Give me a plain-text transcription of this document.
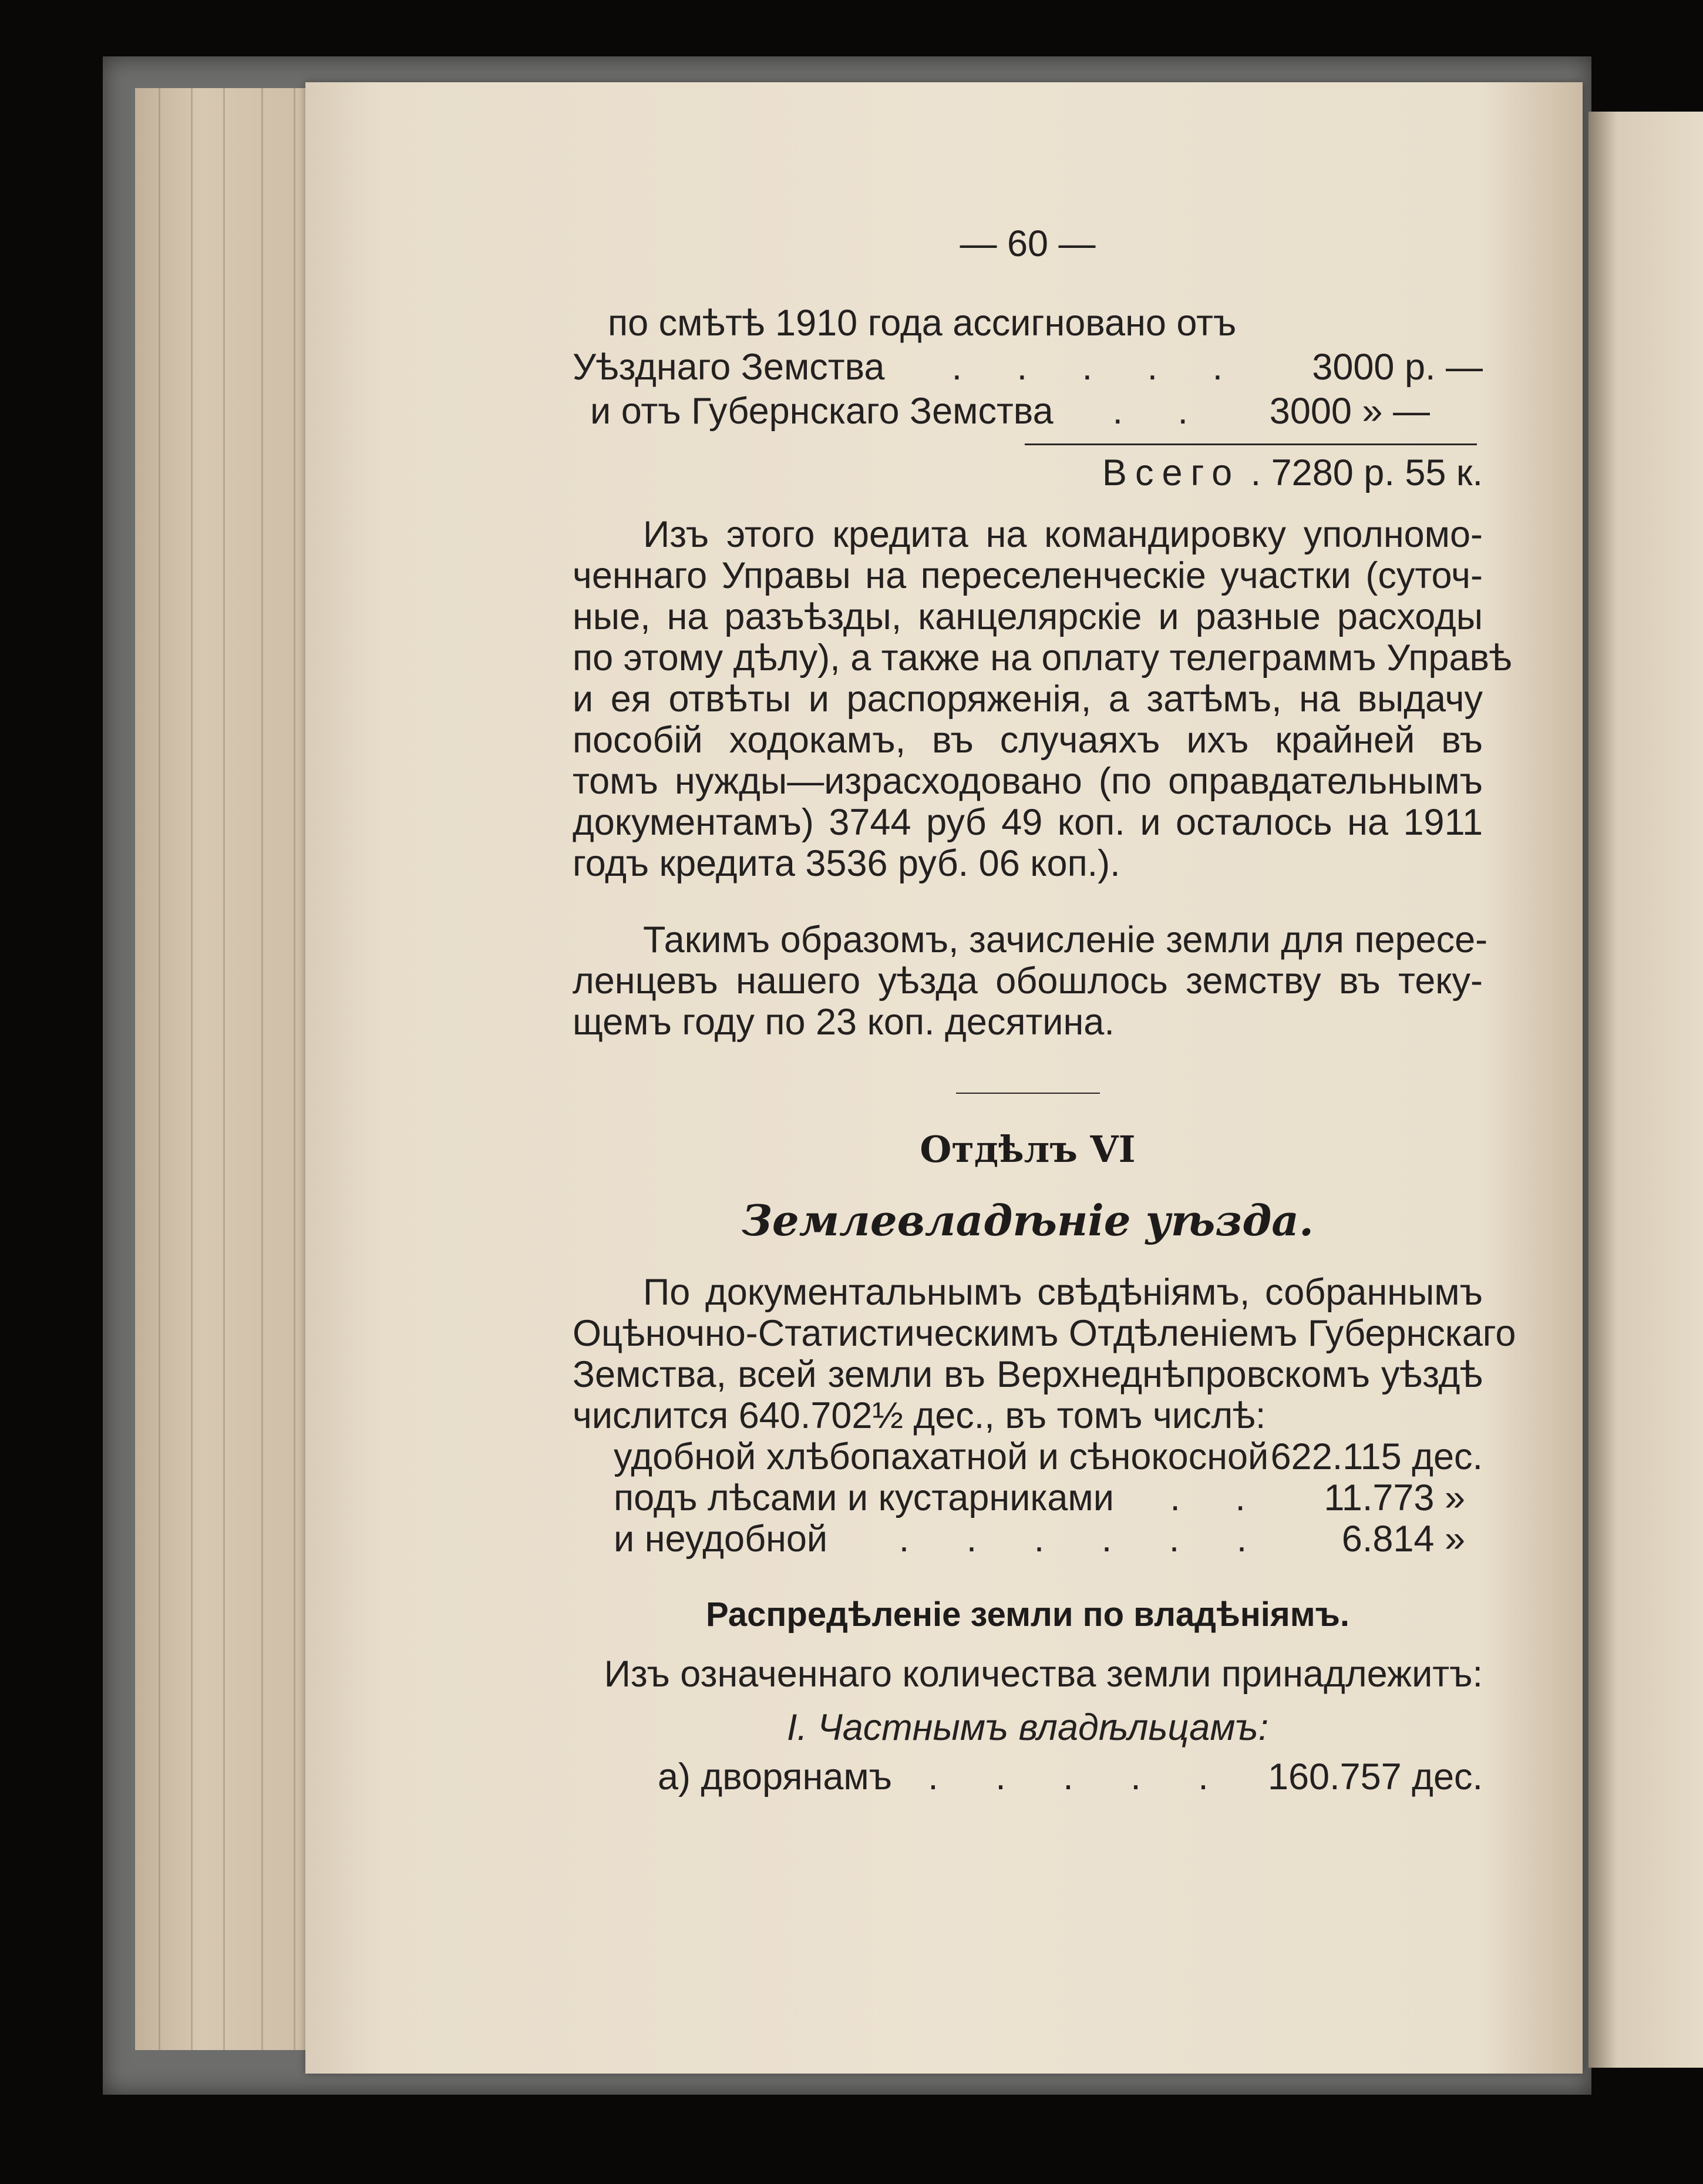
— 60 —
по смѣтѣ 1910 года ассигновано отъ
Уѣзднаго Земства . . . . . 3000 р. —
и отъ Губернскаго Земства . . 3000 » —
Всего . 7280 р. 55 к.
Изъ этого кредита на командировку уполномо-
ченнаго Управы на переселенческіе участки (суточ-
ные, на разъѣзды, канцелярскіе и разные расходы
по этому дѣлу), а также на оплату телеграммъ Управѣ
и ея отвѣты и распоряженія, а затѣмъ, на выдачу
пособій ходокамъ, въ случаяхъ ихъ крайней въ
томъ нужды—израсходовано (по оправдательнымъ
документамъ) 3744 руб 49 коп. и осталось на 1911
годъ кредита 3536 руб. 06 коп.).
Такимъ образомъ, зачисленіе земли для пересе-
ленцевъ нашего уѣзда обошлось земству въ теку-
щемъ году по 23 коп. десятина.
Отдѣлъ VI
Землевладѣніе уѣзда.
По документальнымъ свѣдѣніямъ, собраннымъ
Оцѣночно-Статистическимъ Отдѣленіемъ Губернскаго
Земства, всей земли въ Верхнеднѣпровскомъ уѣздѣ
числится 640.702½ дес., въ томъ числѣ:
удобной хлѣбопахатной и сѣнокосной 622.115 дес.
подъ лѣсами и кустарниками . . 11.773 »
и неудобной . . . . . . 6.814 »
Распредѣленіе земли по владѣніямъ.
Изъ означеннаго количества земли принадлежитъ:
I. Частнымъ владѣльцамъ:
а) дворянамъ . . . . . 160.757 дес.
